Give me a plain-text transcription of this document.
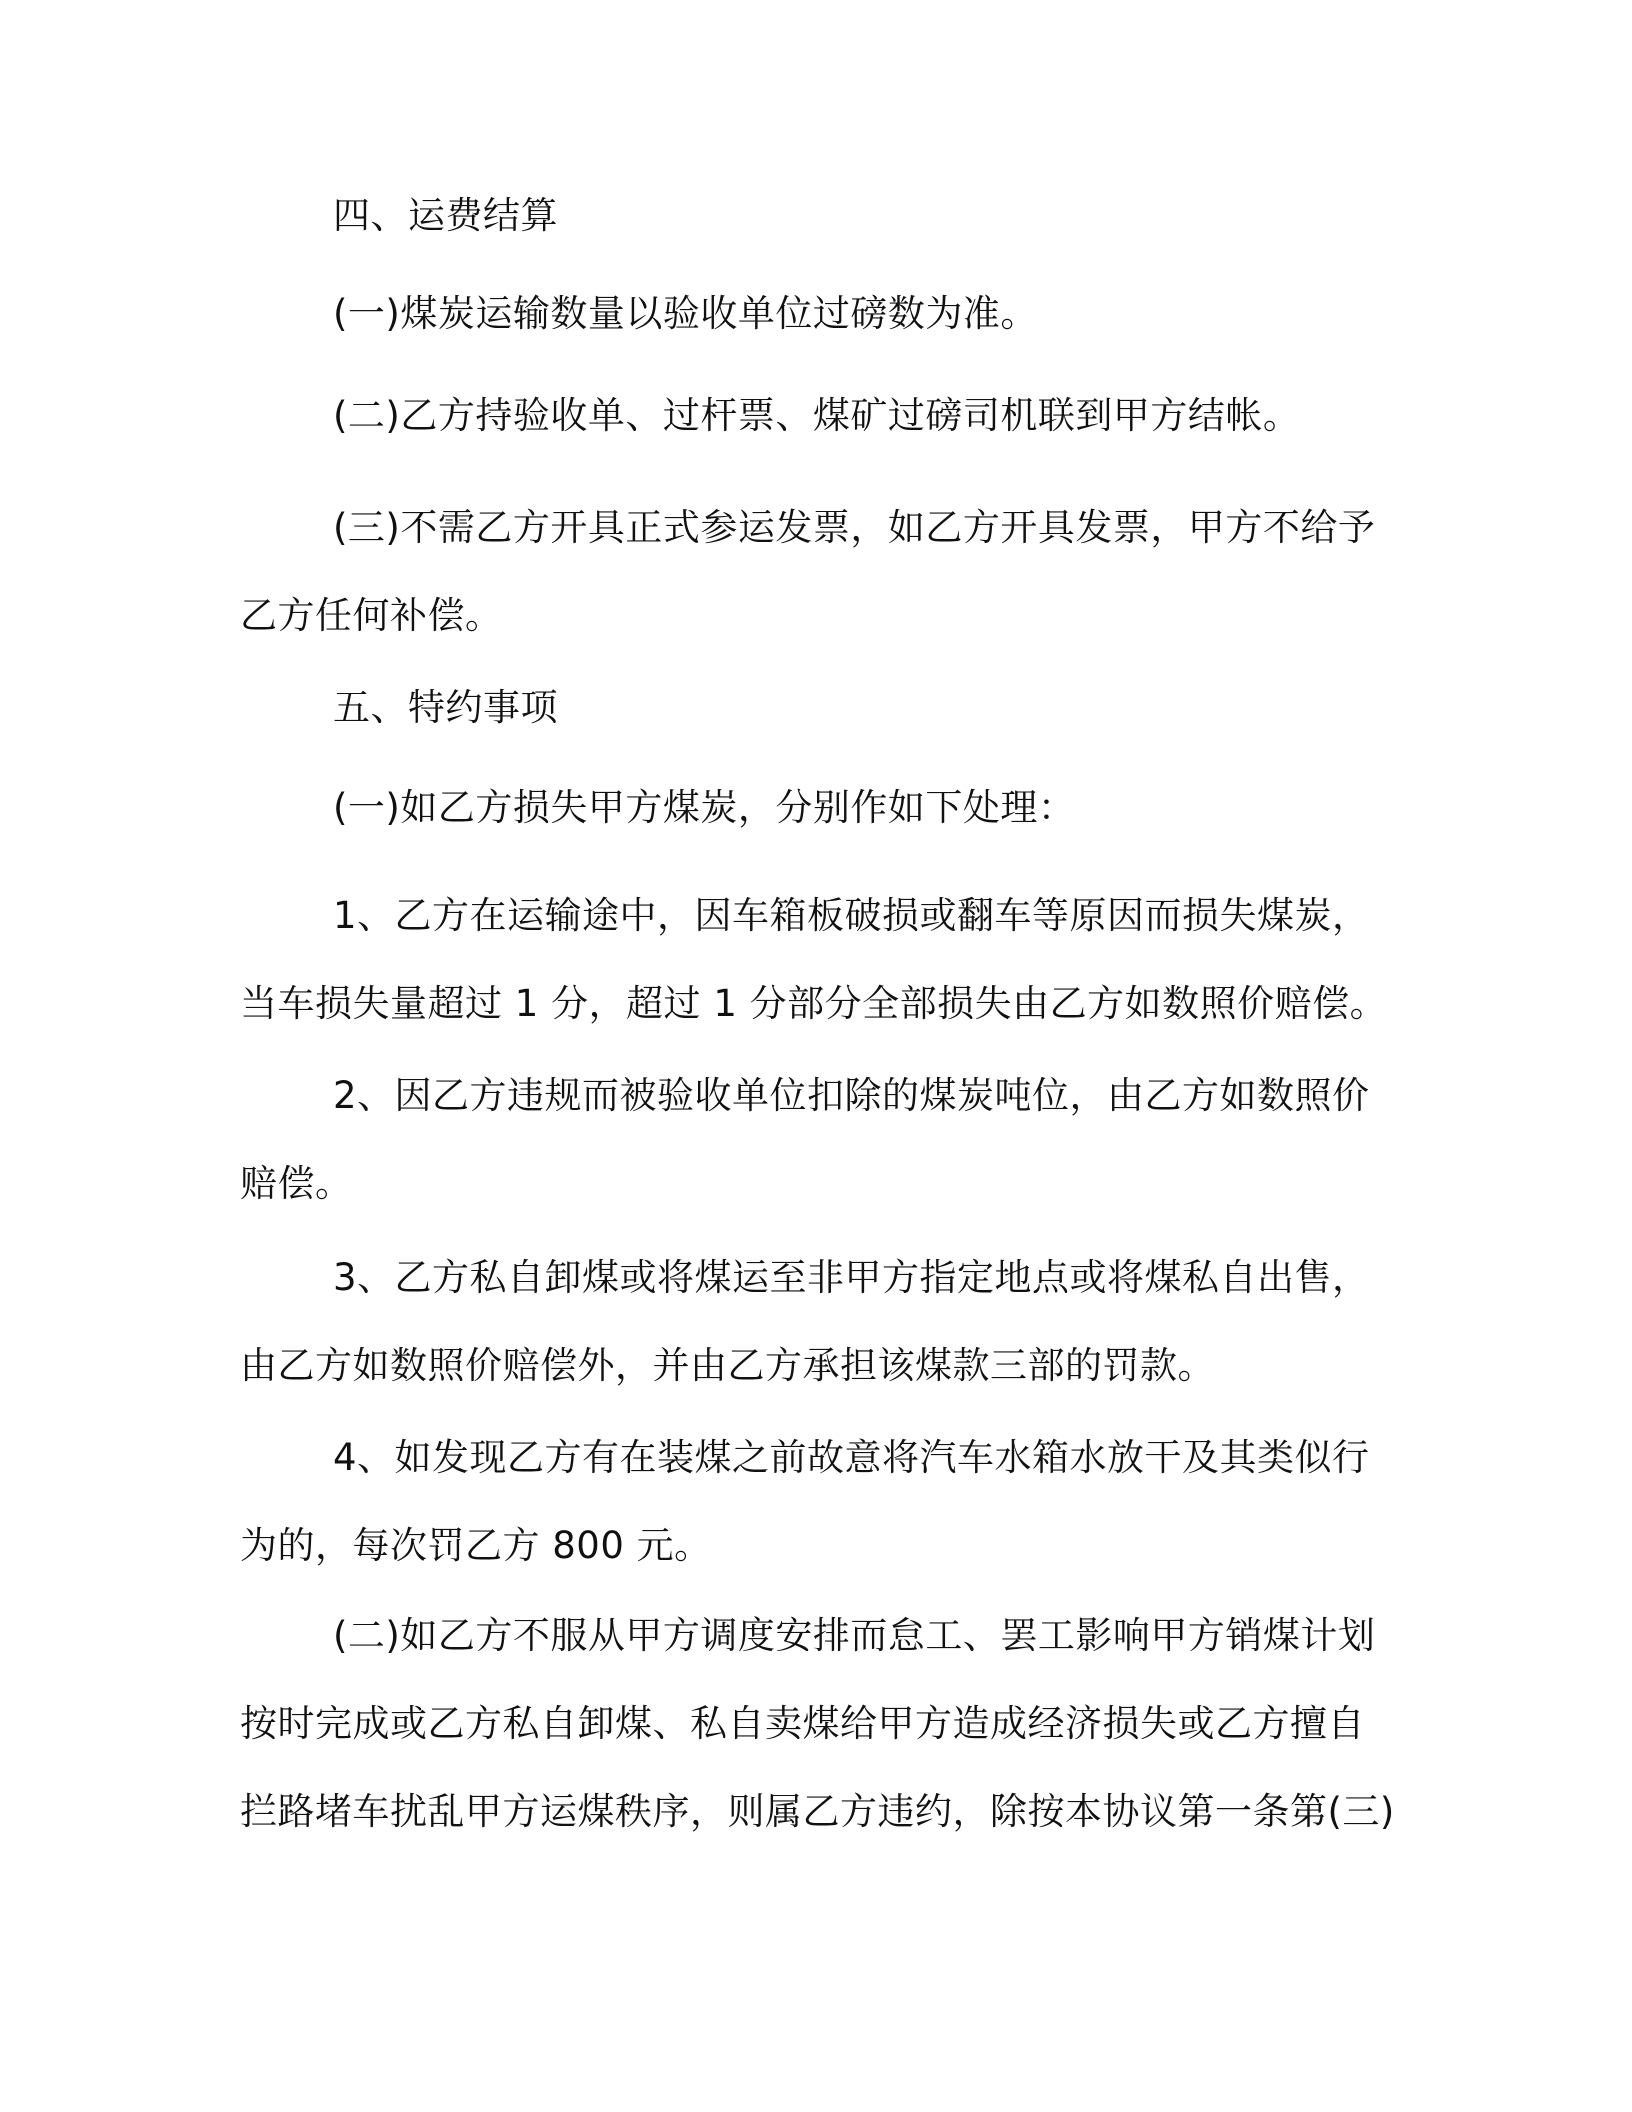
四、运费结算

(一)煤炭运输数量以验收单位过磅数为准。

(二)乙方持验收单、过杆票、煤矿过磅司机联到甲方结帐。

(三)不需乙方开具正式参运发票，如乙方开具发票，甲方不给予
乙方任何补偿。

五、特约事项

(一)如乙方损失甲方煤炭，分别作如下处理：

1、乙方在运输途中，因车箱板破损或翻车等原因而损失煤炭，
当车损失量超过 1 分，超过 1 分部分全部损失由乙方如数照价赔偿。

2、因乙方违规而被验收单位扣除的煤炭吨位，由乙方如数照价
赔偿。

3、乙方私自卸煤或将煤运至非甲方指定地点或将煤私自出售，
由乙方如数照价赔偿外，并由乙方承担该煤款三部的罚款。

4、如发现乙方有在装煤之前故意将汽车水箱水放干及其类似行
为的，每次罚乙方 800 元。

(二)如乙方不服从甲方调度安排而怠工、罢工影响甲方销煤计划
按时完成或乙方私自卸煤、私自卖煤给甲方造成经济损失或乙方擅自
拦路堵车扰乱甲方运煤秩序，则属乙方违约，除按本协议第一条第(三)
